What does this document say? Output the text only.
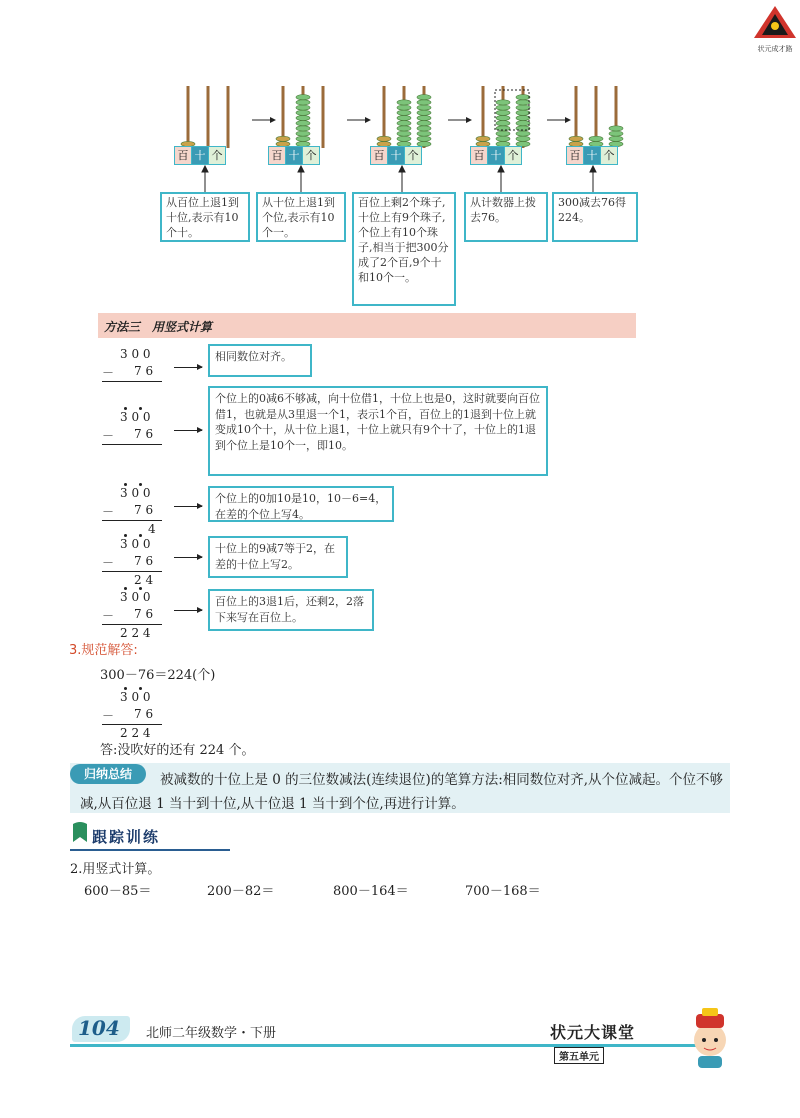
状元成才路
百 十 个	百 十 个	百 十 个	百 十 个	百 十 个
从百位上退1到十位,表示有10个十。
从十位上退1到个位,表示有10个一。
百位上剩2个珠子,十位上有9个珠子,个位上有10个珠子,相当于把300分成了2个百,9个十和10个一。
从计数器上拨去76。
300减去76得224。
方法三　用竖式计算
3 0 0
－ 7 6
相同数位对齐。
3 0 0
－ 7 6
个位上的0减6不够减，向十位借1，十位上也是0，这时就要向百位借1，也就是从3里退一个1，表示1个百，百位上的1退到十位上就变成10个十，从十位上退1，十位上就只有9个十了，十位上的1退到个位上是10个一，即10。
3 0 0
－ 7 6
4
个位上的0加10是10，10－6=4，在差的个位上写4。
3 0 0
－ 7 6
2 4
十位上的9减7等于2，在差的十位上写2。
3 0 0
－ 7 6
2 2 4
百位上的3退1后，还剩2，2落下来写在百位上。
3.规范解答:
300－76＝224(个)
3 0 0
－ 7 6
2 2 4
答:没吹好的还有 224 个。
归纳总结	被减数的十位上是 0 的三位数减法(连续退位)的笔算方法:相同数位对齐,从个位减起。个位不够减,从百位退 1 当十到十位,从十位退 1 当十到个位,再进行计算。
跟踪训练
2.用竖式计算。
600－85＝	200－82＝	800－164＝	700－168＝
104 北师二年级数学・下册	状元大课堂
第五单元
